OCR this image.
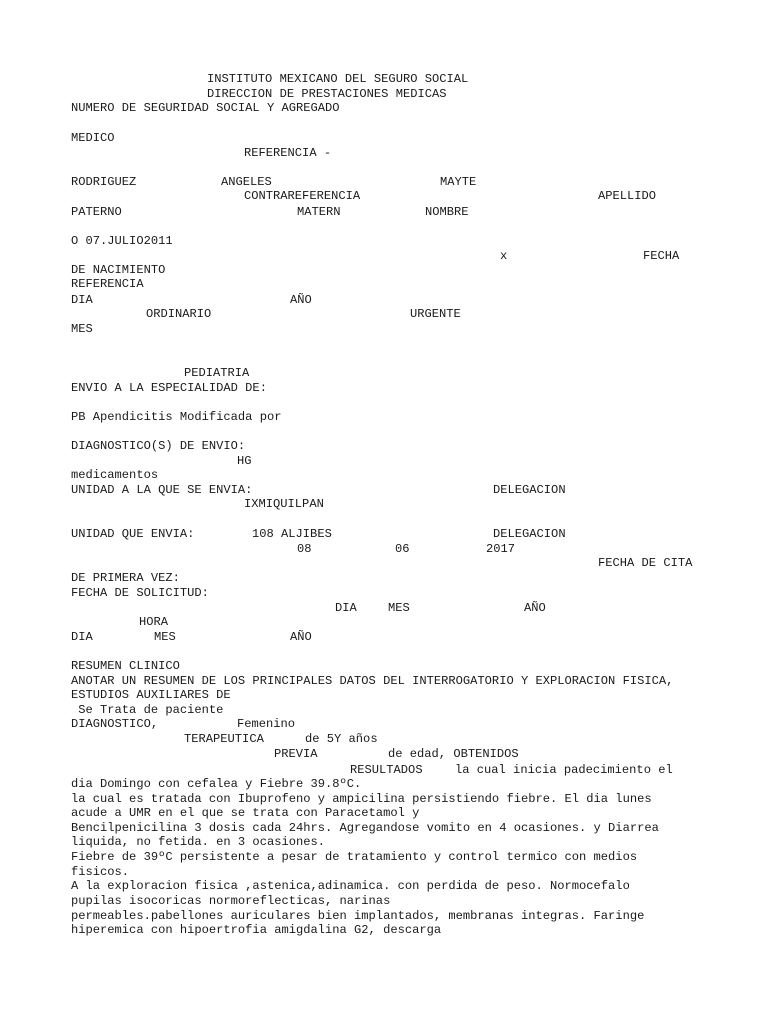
INSTITUTO MEXICANO DEL SEGURO SOCIAL
DIRECCION DE PRESTACIONES MEDICAS
NUMERO DE SEGURIDAD SOCIAL Y AGREGADO
MEDICO
REFERENCIA -
RODRIGUEZ	ANGELES	MAYTE
CONTRAREFERENCIA	APELLIDO
PATERNO	MATERN	NOMBRE
O 07.JULIO2011
x	FECHA
DE NACIMIENTO
REFERENCIA
DIA	AÑO
ORDINARIO	URGENTE
MES
PEDIATRIA
ENVIO A LA ESPECIALIDAD DE:
PB Apendicitis Modificada por
DIAGNOSTICO(S) DE ENVIO:
HG
medicamentos
UNIDAD A LA QUE SE ENVIA:	DELEGACION
IXMIQUILPAN
UNIDAD QUE ENVIA:	108 ALJIBES	DELEGACION
08	06	2017
FECHA DE CITA
DE PRIMERA VEZ:
FECHA DE SOLICITUD:
DIA	MES	AÑO
HORA
DIA	MES	AÑO
RESUMEN CLINICO
ANOTAR UN RESUMEN DE LOS PRINCIPALES DATOS DEL INTERROGATORIO Y EXPLORACION FISICA,
ESTUDIOS AUXILIARES DE
Se Trata de paciente
DIAGNOSTICO,	Femenino
TERAPEUTICA	de 5Y años
PREVIA	de edad, OBTENIDOS
RESULTADOS	la cual inicia padecimiento el
dia Domingo con cefalea y Fiebre 39.8ºC.
la cual es tratada con Ibuprofeno y ampicilina persistiendo fiebre. El dia lunes
acude a UMR en el que se trata con Paracetamol y
Bencilpenicilina 3 dosis cada 24hrs. Agregandose vomito en 4 ocasiones. y Diarrea
liquida, no fetida. en 3 ocasiones.
Fiebre de 39ºC persistente a pesar de tratamiento y control termico con medios
fisicos.
A la exploracion fisica ,astenica,adinamica. con perdida de peso. Normocefalo
pupilas isocoricas normoreflecticas, narinas
permeables.pabellones auriculares bien implantados, membranas integras. Faringe
hiperemica con hipoertrofia amigdalina G2, descarga
